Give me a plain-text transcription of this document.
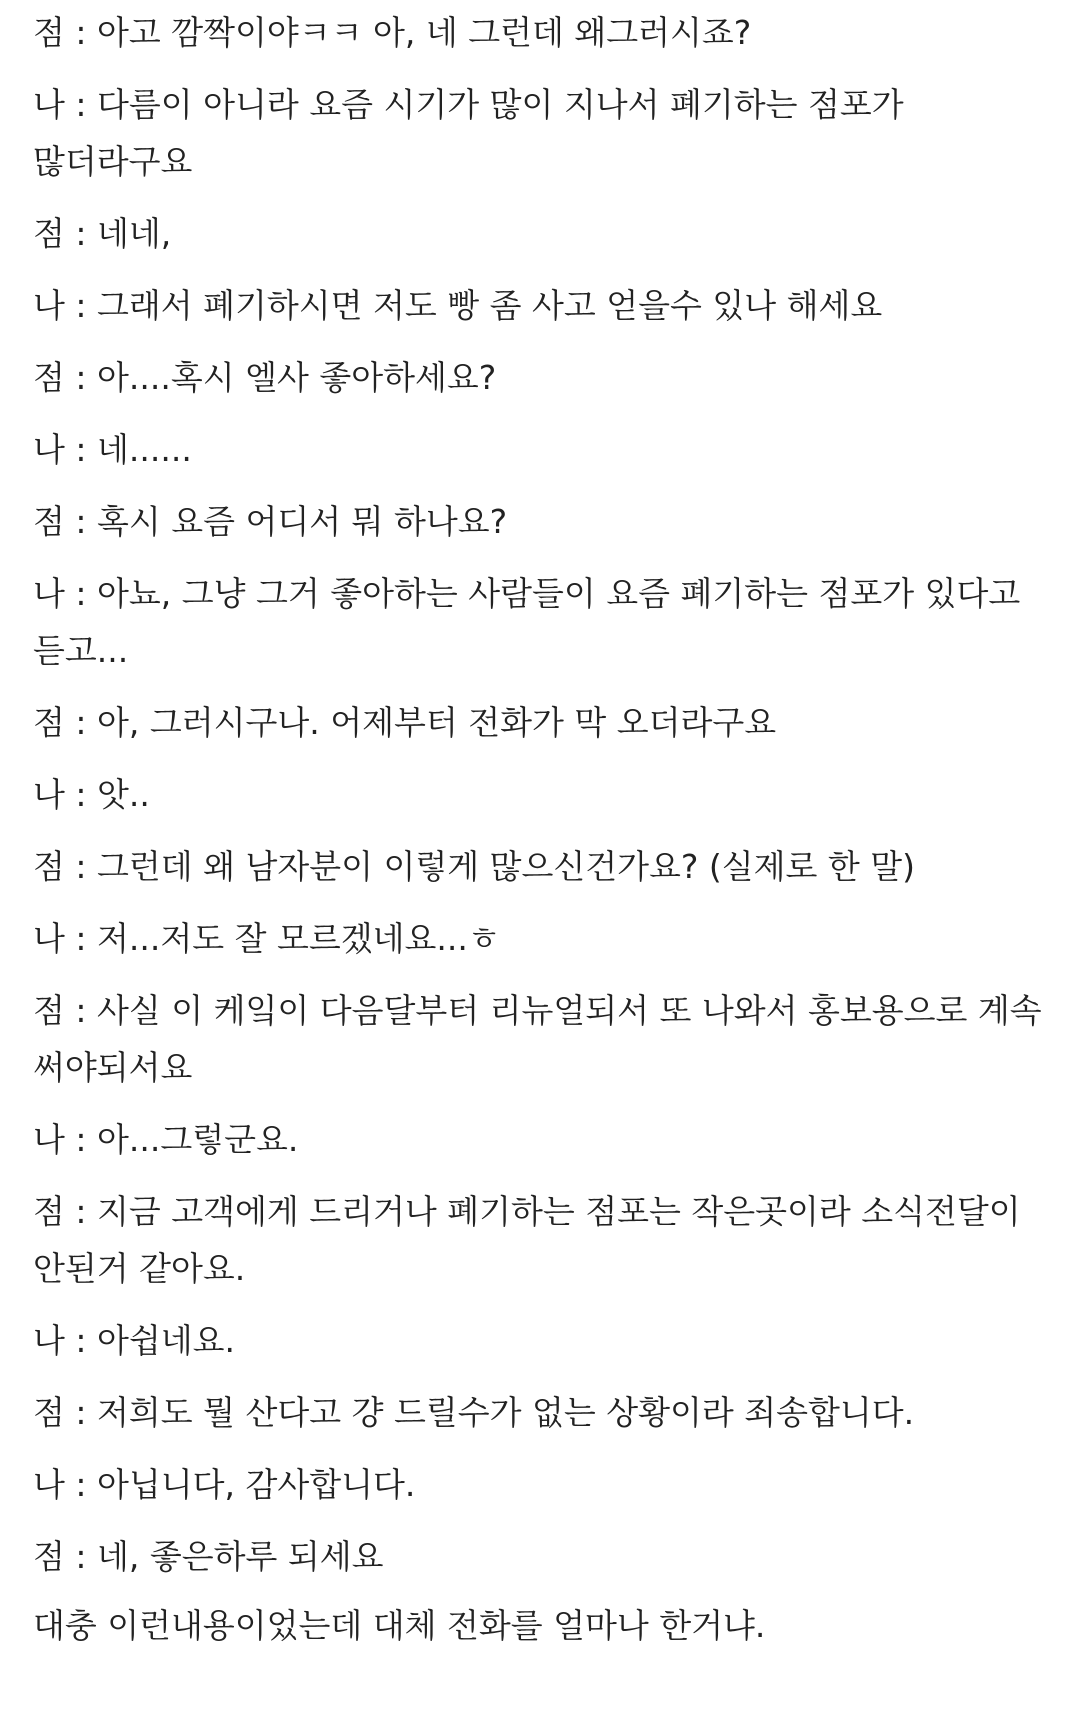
점 : 아고 깜짝이야ㅋㅋ 아, 네 그런데 왜그러시죠?
나 : 다름이 아니라 요즘 시기가 많이 지나서 폐기하는 점포가 많더라구요
점 : 네네,
나 : 그래서 폐기하시면 저도 빵 좀 사고 얻을수 있나 해세요
점 : 아....혹시 엘사 좋아하세요?
나 : 네......
점 : 혹시 요즘 어디서 뭐 하나요?
나 : 아뇨, 그냥 그거 좋아하는 사람들이 요즘 폐기하는 점포가 있다고 듣고...
점 : 아, 그러시구나. 어제부터 전화가 막 오더라구요
나 : 앗..
점 : 그런데 왜 남자분이 이렇게 많으신건가요? (실제로 한 말)
나 : 저...저도 잘 모르겠네요...ㅎ
점 : 사실 이 케잌이 다음달부터 리뉴얼되서 또 나와서 홍보용으로 계속 써야되서요
나 : 아...그렇군요.
점 : 지금 고객에게 드리거나 폐기하는 점포는 작은곳이라 소식전달이 안된거 같아요.
나 : 아쉽네요.
점 : 저희도 뭘 산다고 걍 드릴수가 없는 상황이라 죄송합니다.
나 : 아닙니다, 감사합니다.
점 : 네, 좋은하루 되세요

대충 이런내용이었는데 대체 전화를 얼마나 한거냐.
